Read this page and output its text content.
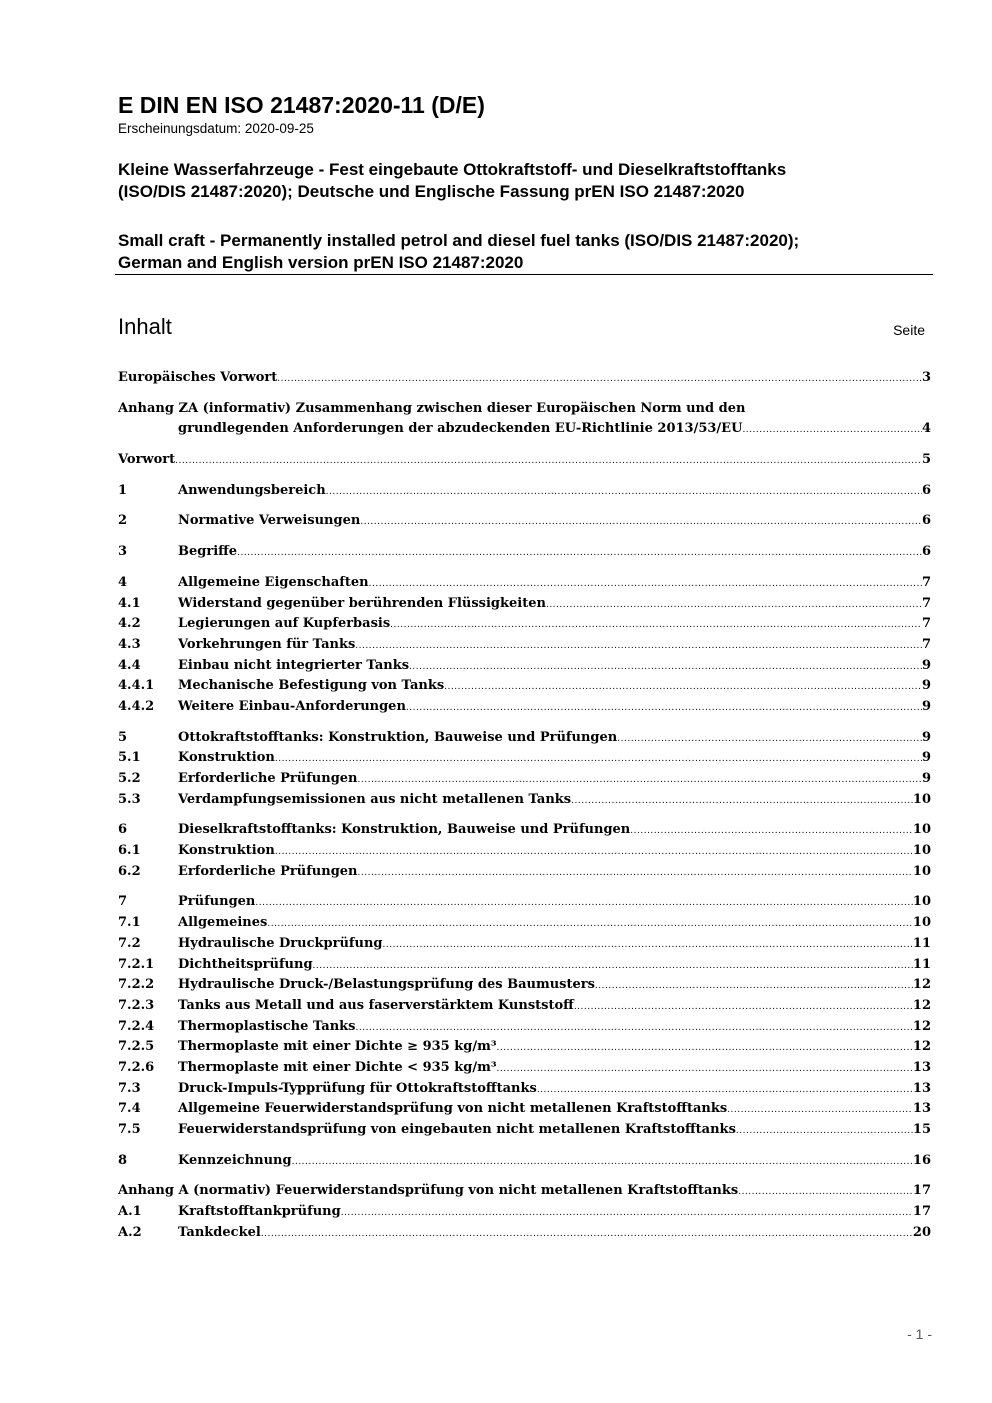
E DIN EN ISO 21487:2020-11 (D/E)
Erscheinungsdatum: 2020-09-25
Kleine Wasserfahrzeuge - Fest eingebaute Ottokraftstoff- und Dieselkraftstofftanks
(ISO/DIS 21487:2020); Deutsche und Englische Fassung prEN ISO 21487:2020
Small craft - Permanently installed petrol and diesel fuel tanks (ISO/DIS 21487:2020);
German and English version prEN ISO 21487:2020
Inhalt	Seite
Europäisches Vorwort .....	3
Anhang ZA (informativ) Zusammenhang zwischen dieser Europäischen Norm und den
grundlegenden Anforderungen der abzudeckenden EU-Richtlinie 2013/53/EU .....	4
Vorwort .....	5
1	Anwendungsbereich .....	6
2	Normative Verweisungen .....	6
3	Begriffe .....	6
4	Allgemeine Eigenschaften .....	7
4.1	Widerstand gegenüber berührenden Flüssigkeiten .....	7
4.2	Legierungen auf Kupferbasis .....	7
4.3	Vorkehrungen für Tanks .....	7
4.4	Einbau nicht integrierter Tanks .....	9
4.4.1	Mechanische Befestigung von Tanks .....	9
4.4.2	Weitere Einbau-Anforderungen .....	9
5	Ottokraftstofftanks: Konstruktion, Bauweise und Prüfungen .....	9
5.1	Konstruktion .....	9
5.2	Erforderliche Prüfungen .....	9
5.3	Verdampfungsemissionen aus nicht metallenen Tanks .....	10
6	Dieselkraftstofftanks: Konstruktion, Bauweise und Prüfungen .....	10
6.1	Konstruktion .....	10
6.2	Erforderliche Prüfungen .....	10
7	Prüfungen .....	10
7.1	Allgemeines .....	10
7.2	Hydraulische Druckprüfung .....	11
7.2.1	Dichtheitsprüfung .....	11
7.2.2	Hydraulische Druck-/Belastungsprüfung des Baumusters .....	12
7.2.3	Tanks aus Metall und aus faserverstärktem Kunststoff .....	12
7.2.4	Thermoplastische Tanks .....	12
7.2.5	Thermoplaste mit einer Dichte ≥ 935 kg/m³ .....	12
7.2.6	Thermoplaste mit einer Dichte < 935 kg/m³ .....	13
7.3	Druck-Impuls-Typprüfung für Ottokraftstofftanks .....	13
7.4	Allgemeine Feuerwiderstandsprüfung von nicht metallenen Kraftstofftanks .....	13
7.5	Feuerwiderstandsprüfung von eingebauten nicht metallenen Kraftstofftanks .....	15
8	Kennzeichnung .....	16
Anhang A (normativ) Feuerwiderstandsprüfung von nicht metallenen Kraftstofftanks .....	17
A.1	Kraftstofftankprüfung .....	17
A.2	Tankdeckel .....	20
- 1 -
